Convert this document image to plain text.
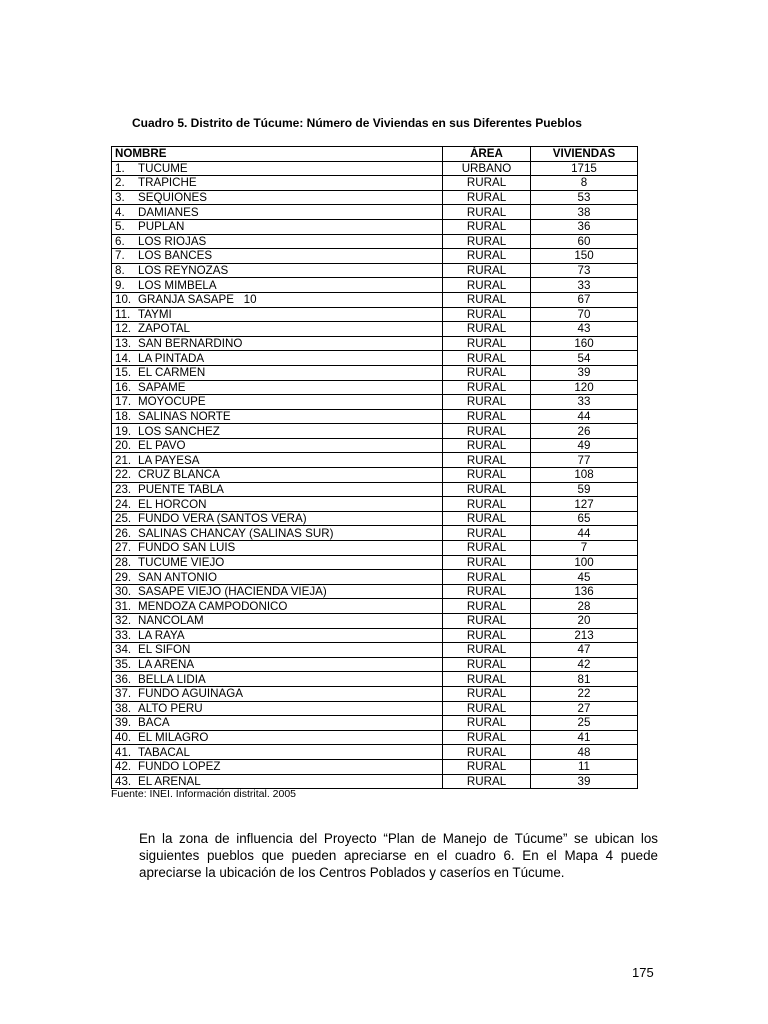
Cuadro 5. Distrito de Túcume: Número de Viviendas en sus Diferentes Pueblos
NOMBRE	ÁREA	VIVIENDAS
1. TUCUME	URBANO	1715
2. TRAPICHE	RURAL	8
3. SEQUIONES	RURAL	53
4. DAMIANES	RURAL	38
5. PUPLAN	RURAL	36
6. LOS RIOJAS	RURAL	60
7. LOS BANCES	RURAL	150
8. LOS REYNOZAS	RURAL	73
9. LOS MIMBELA	RURAL	33
10. GRANJA SASAPE   10	RURAL	67
11. TAYMI	RURAL	70
12. ZAPOTAL	RURAL	43
13. SAN BERNARDINO	RURAL	160
14. LA PINTADA	RURAL	54
15. EL CARMEN	RURAL	39
16. SAPAME	RURAL	120
17. MOYOCUPE	RURAL	33
18. SALINAS NORTE	RURAL	44
19. LOS SANCHEZ	RURAL	26
20. EL PAVO	RURAL	49
21. LA PAYESA	RURAL	77
22. CRUZ BLANCA	RURAL	108
23. PUENTE TABLA	RURAL	59
24. EL HORCON	RURAL	127
25. FUNDO VERA (SANTOS VERA)	RURAL	65
26. SALINAS CHANCAY (SALINAS SUR)	RURAL	44
27. FUNDO SAN LUIS	RURAL	7
28. TUCUME VIEJO	RURAL	100
29. SAN ANTONIO	RURAL	45
30. SASAPE VIEJO (HACIENDA VIEJA)	RURAL	136
31. MENDOZA CAMPODONICO	RURAL	28
32. NANCOLAM	RURAL	20
33. LA RAYA	RURAL	213
34. EL SIFON	RURAL	47
35. LA ARENA	RURAL	42
36. BELLA LIDIA	RURAL	81
37. FUNDO AGUINAGA	RURAL	22
38. ALTO PERU	RURAL	27
39. BACA	RURAL	25
40. EL MILAGRO	RURAL	41
41. TABACAL	RURAL	48
42. FUNDO LOPEZ	RURAL	11
43. EL ARENAL	RURAL	39
Fuente: INEI. Información distrital. 2005
En la zona de influencia del Proyecto “Plan de Manejo de Túcume” se ubican los siguientes pueblos que pueden apreciarse en el cuadro 6. En el Mapa 4 puede apreciarse la ubicación de los Centros Poblados y caseríos en Túcume.
175
